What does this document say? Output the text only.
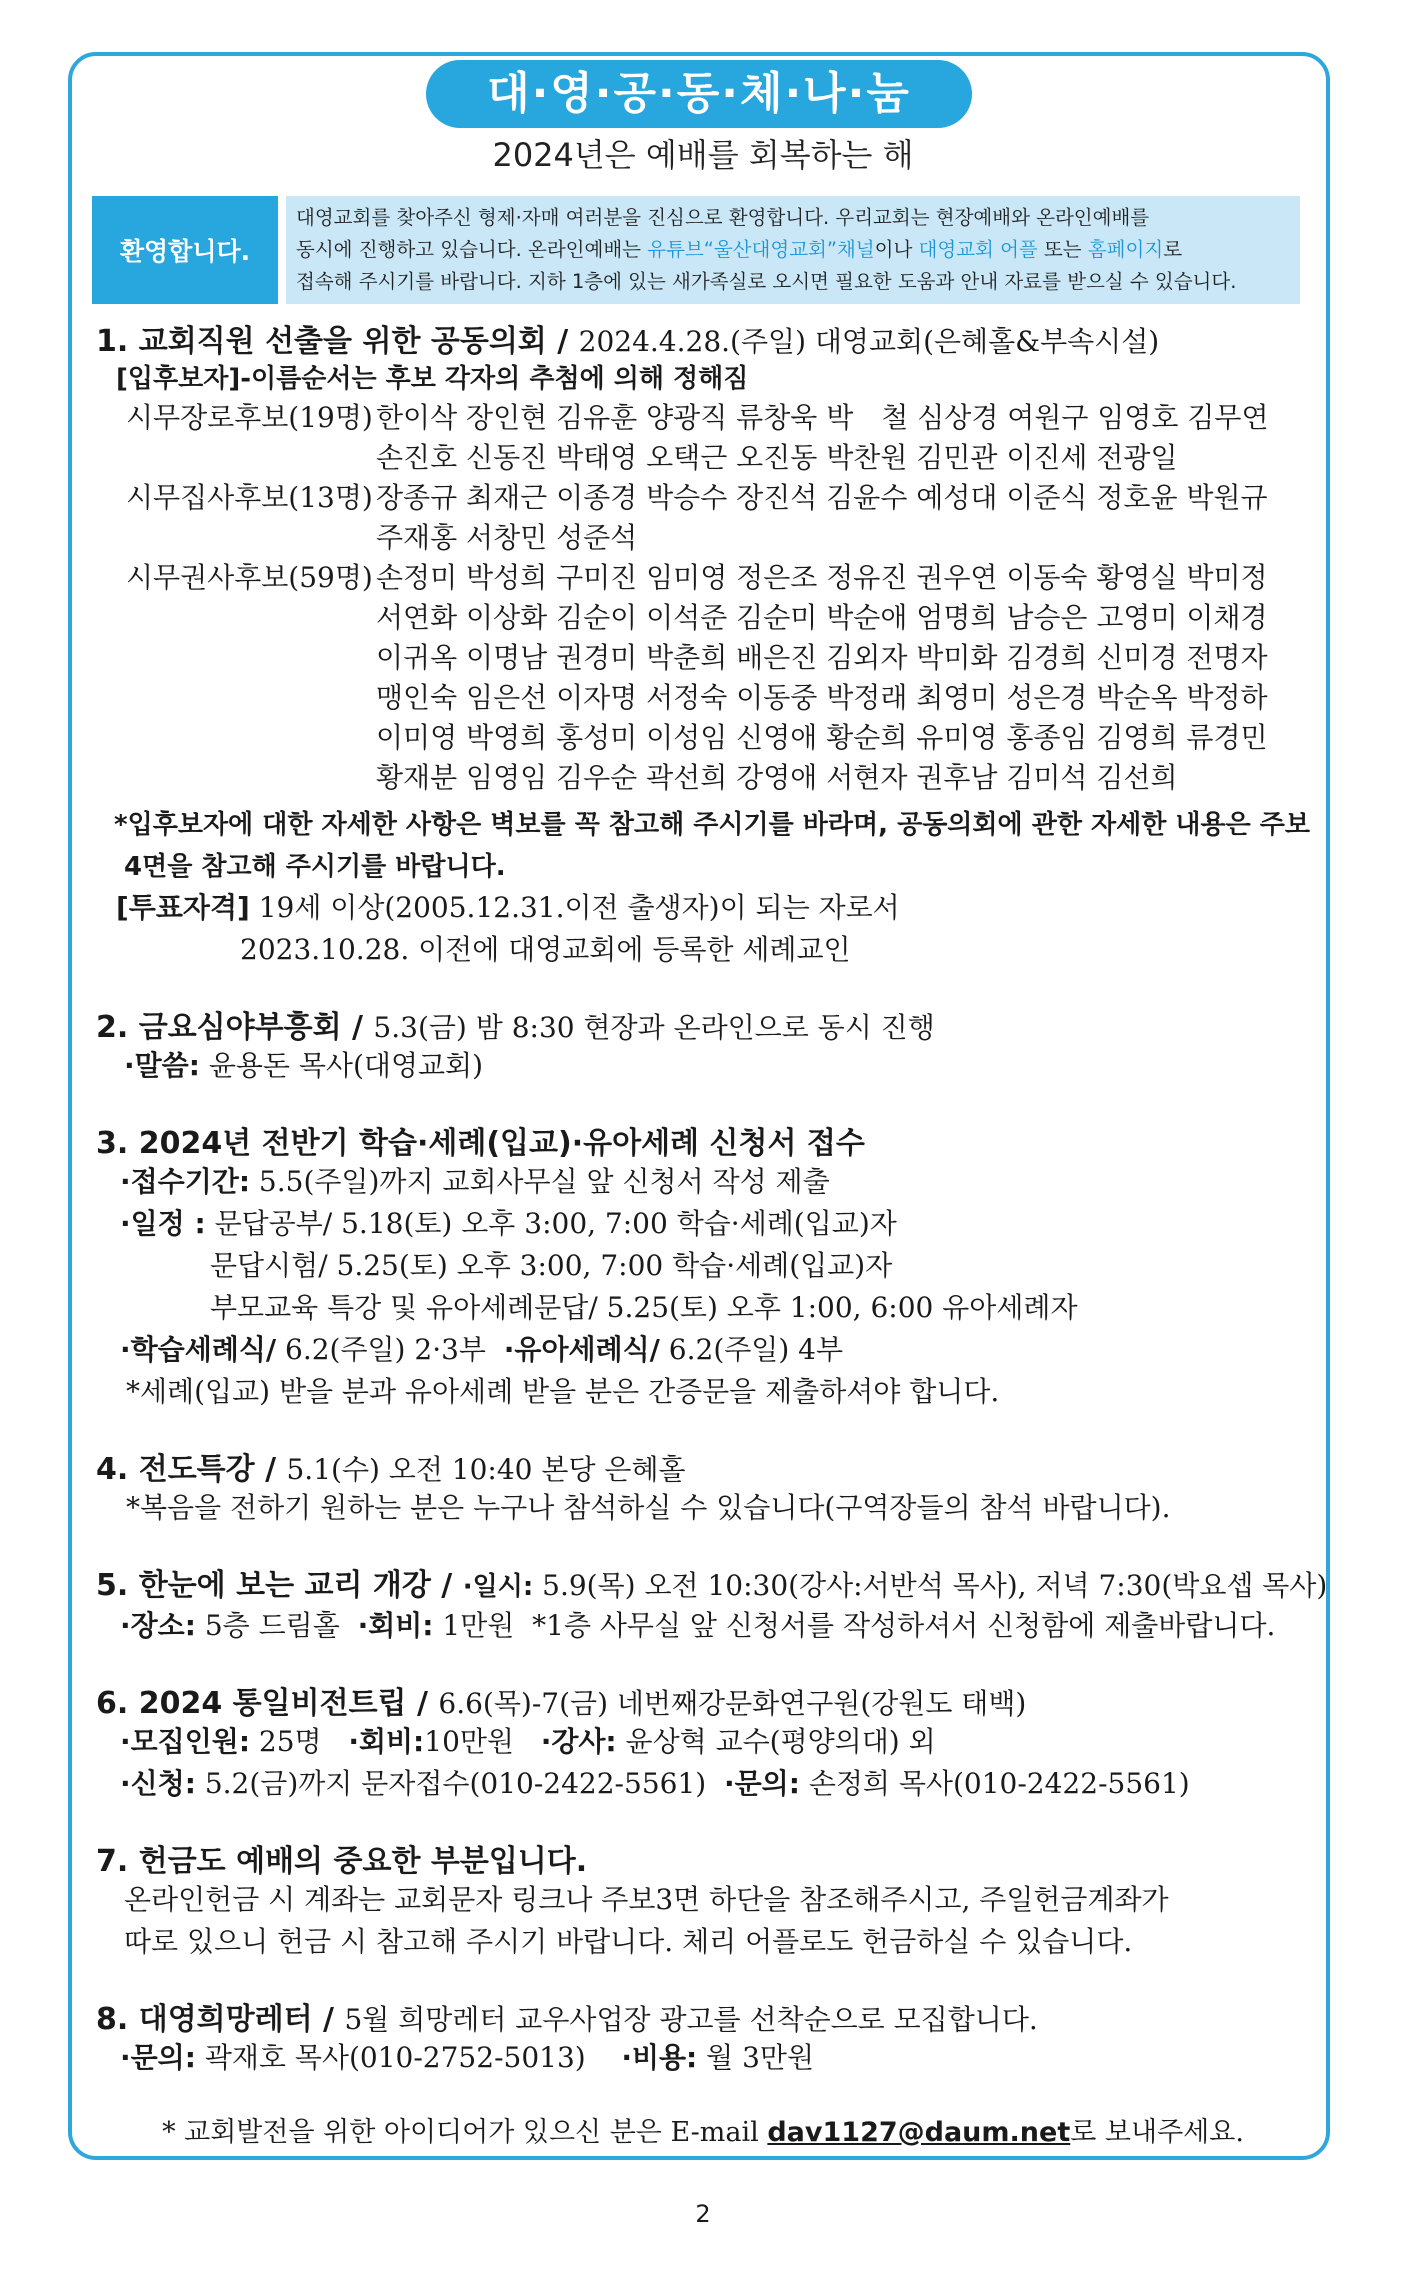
대·영·공·동·체·나·눔
2024년은 예배를 회복하는 해
환영합니다.
대영교회를 찾아주신 형제·자매 여러분을 진심으로 환영합니다. 우리교회는 현장예배와 온라인예배를
동시에 진행하고 있습니다. 온라인예배는 유튜브“울산대영교회”채널이나 대영교회 어플 또는 홈페이지로
접속해 주시기를 바랍니다. 지하 1층에 있는 새가족실로 오시면 필요한 도움과 안내 자료를 받으실 수 있습니다.
1. 교회직원 선출을 위한 공동의회 / 2024.4.28.(주일) 대영교회(은혜홀&부속시설)
[입후보자]-이름순서는 후보 각자의 추첨에 의해 정해짐
시무장로후보(19명) 한이삭 장인현 김유훈 양광직 류창욱 박　철 심상경 여원구 임영호 김무연
손진호 신동진 박태영 오택근 오진동 박찬원 김민관 이진세 전광일
시무집사후보(13명) 장종규 최재근 이종경 박승수 장진석 김윤수 예성대 이준식 정호윤 박원규
주재홍 서창민 성준석
시무권사후보(59명) 손정미 박성희 구미진 임미영 정은조 정유진 권우연 이동숙 황영실 박미정
서연화 이상화 김순이 이석준 김순미 박순애 엄명희 남승은 고영미 이채경
이귀옥 이명남 권경미 박춘희 배은진 김외자 박미화 김경희 신미경 전명자
맹인숙 임은선 이자명 서정숙 이동중 박정래 최영미 성은경 박순옥 박정하
이미영 박영희 홍성미 이성임 신영애 황순희 유미영 홍종임 김영희 류경민
황재분 임영임 김우순 곽선희 강영애 서현자 권후남 김미석 김선희
*입후보자에 대한 자세한 사항은 벽보를 꼭 참고해 주시기를 바라며, 공동의회에 관한 자세한 내용은 주보
4면을 참고해 주시기를 바랍니다.
[투표자격] 19세 이상(2005.12.31.이전 출생자)이 되는 자로서
2023.10.28. 이전에 대영교회에 등록한 세례교인
2. 금요심야부흥회 / 5.3(금) 밤 8:30 현장과 온라인으로 동시 진행
·말씀: 윤용돈 목사(대영교회)
3. 2024년 전반기 학습·세례(입교)·유아세례 신청서 접수
·접수기간: 5.5(주일)까지 교회사무실 앞 신청서 작성 제출
·일정 : 문답공부/ 5.18(토) 오후 3:00, 7:00 학습·세례(입교)자
문답시험/ 5.25(토) 오후 3:00, 7:00 학습·세례(입교)자
부모교육 특강 및 유아세례문답/ 5.25(토) 오후 1:00, 6:00 유아세례자
·학습세례식/ 6.2(주일) 2·3부 ·유아세례식/ 6.2(주일) 4부
*세례(입교) 받을 분과 유아세례 받을 분은 간증문을 제출하셔야 합니다.
4. 전도특강 / 5.1(수) 오전 10:40 본당 은혜홀
*복음을 전하기 원하는 분은 누구나 참석하실 수 있습니다(구역장들의 참석 바랍니다).
5. 한눈에 보는 교리 개강 / ·일시: 5.9(목) 오전 10:30(강사:서반석 목사), 저녁 7:30(박요셉 목사)
·장소: 5층 드림홀 ·회비: 1만원 *1층 사무실 앞 신청서를 작성하셔서 신청함에 제출바랍니다.
6. 2024 통일비전트립 / 6.6(목)-7(금) 네번째강문화연구원(강원도 태백)
·모집인원: 25명 ·회비:10만원 ·강사: 윤상혁 교수(평양의대) 외
·신청: 5.2(금)까지 문자접수(010-2422-5561) ·문의: 손정희 목사(010-2422-5561)
7. 헌금도 예배의 중요한 부분입니다.
온라인헌금 시 계좌는 교회문자 링크나 주보3면 하단을 참조해주시고, 주일헌금계좌가
따로 있으니 헌금 시 참고해 주시기 바랍니다. 체리 어플로도 헌금하실 수 있습니다.
8. 대영희망레터 / 5월 희망레터 교우사업장 광고를 선착순으로 모집합니다.
·문의: 곽재호 목사(010-2752-5013) ·비용: 월 3만원
* 교회발전을 위한 아이디어가 있으신 분은 E-mail dav1127@daum.net로 보내주세요.
2
